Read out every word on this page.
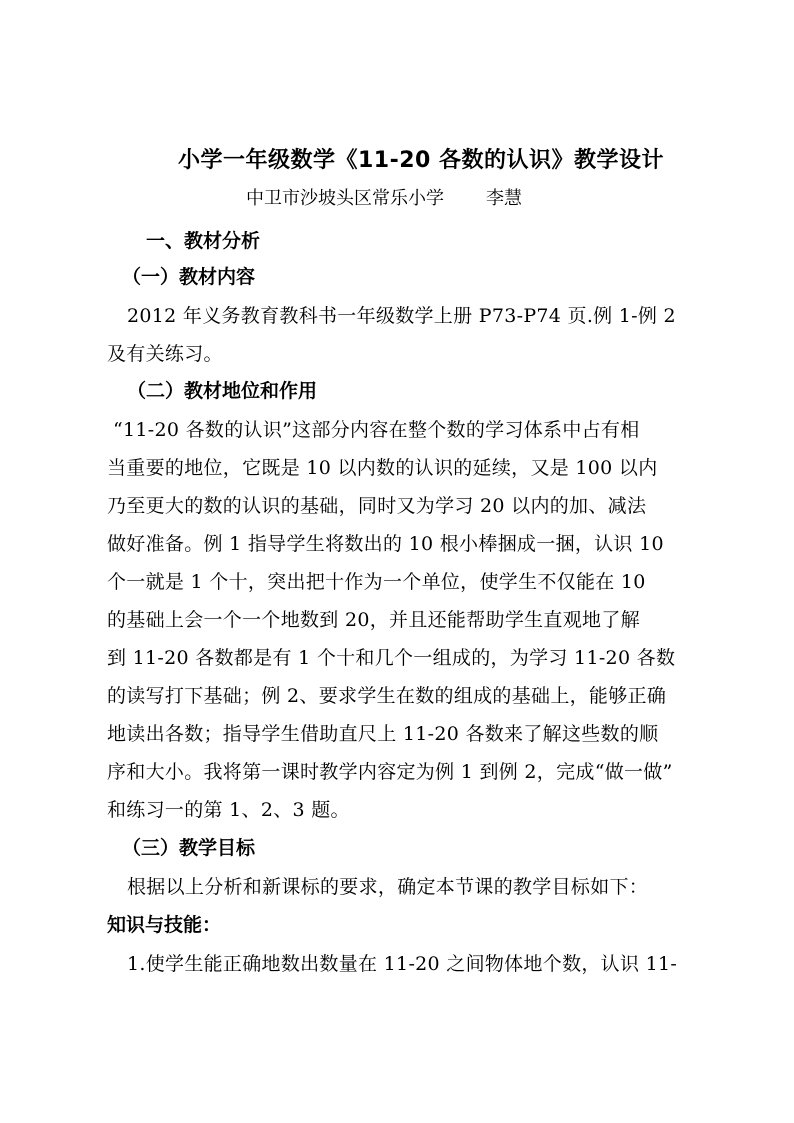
小学一年级数学《11-20 各数的认识》教学设计
中卫市沙坡头区常乐小学 李慧
一、教材分析
（一）教材内容
2012 年义务教育教科书一年级数学上册 P73-P74 页.例 1-例 2
及有关练习。
（二）教材地位和作用
“11-20 各数的认识”这部分内容在整个数的学习体系中占有相
当重要的地位，它既是 10 以内数的认识的延续，又是 100 以内
乃至更大的数的认识的基础，同时又为学习 20 以内的加、减法
做好准备。例 1 指导学生将数出的 10 根小棒捆成一捆，认识 10
个一就是 1 个十，突出把十作为一个单位，使学生不仅能在 10
的基础上会一个一个地数到 20，并且还能帮助学生直观地了解
到 11-20 各数都是有 1 个十和几个一组成的，为学习 11-20 各数
的读写打下基础；例 2、要求学生在数的组成的基础上，能够正确
地读出各数；指导学生借助直尺上 11-20 各数来了解这些数的顺
序和大小。我将第一课时教学内容定为例 1 到例 2，完成“做一做”
和练习一的第 1、2、3 题。
（三）教学目标
根据以上分析和新课标的要求，确定本节课的教学目标如下：
知识与技能：
1.使学生能正确地数出数量在 11-20 之间物体地个数，认识 11-
